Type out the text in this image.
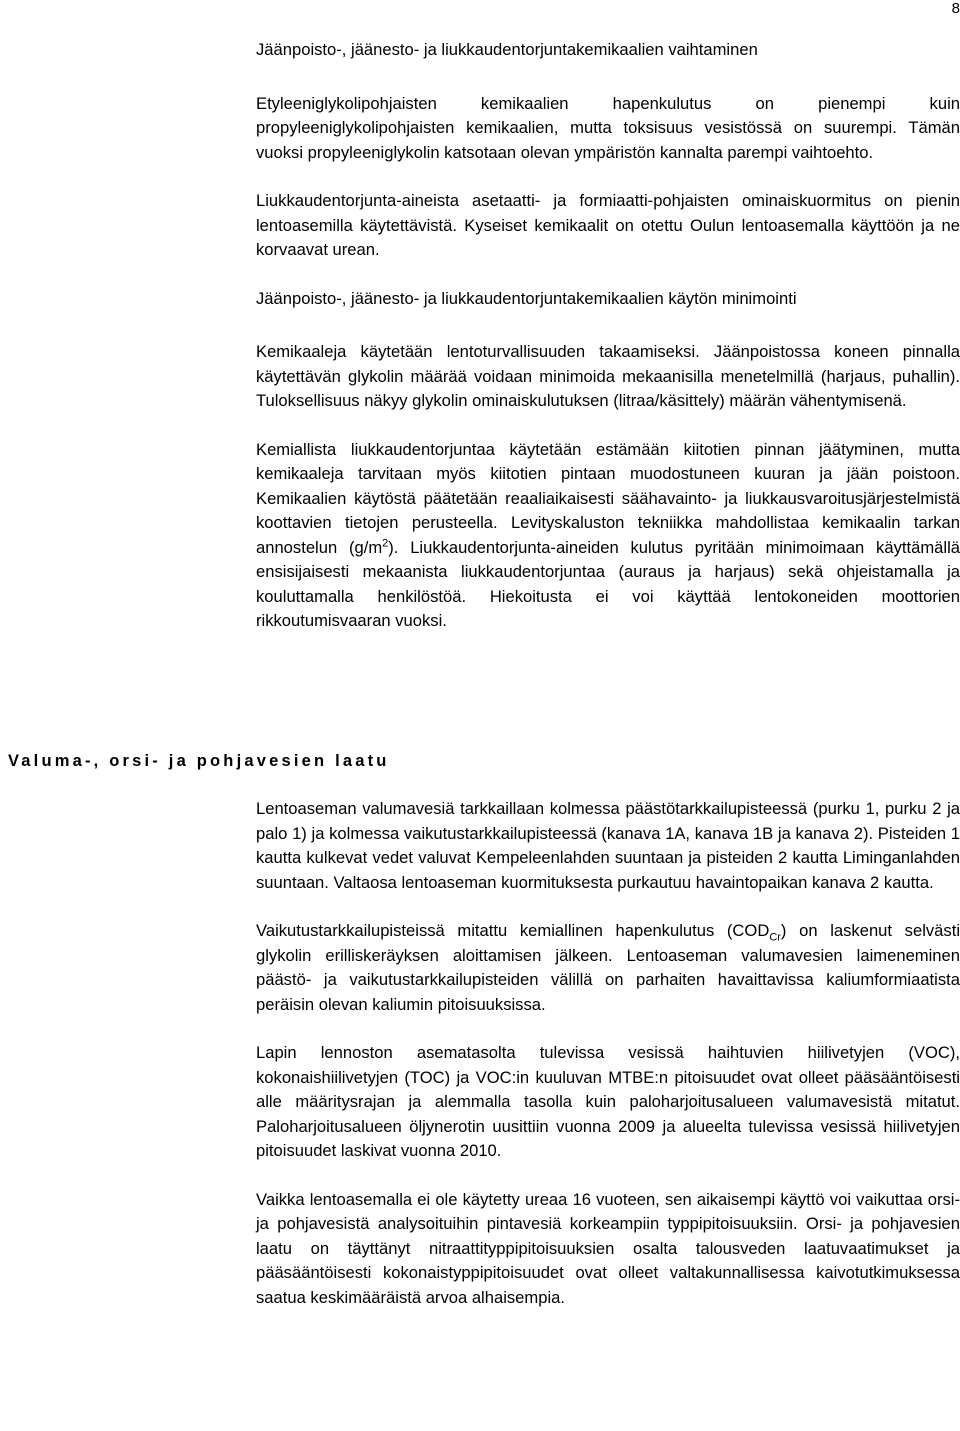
8

Jäänpoisto-, jäänesto- ja liukkaudentorjuntakemikaalien vaihtaminen

Etyleeniglykolipohjaisten kemikaalien hapenkulutus on pienempi kuin propyleeniglykolipohjaisten kemikaalien, mutta toksisuus vesistössä on suurempi. Tämän vuoksi propyleeniglykolin katsotaan olevan ympäristön kannalta parempi vaihtoehto.

Liukkaudentorjunta-aineista asetaatti- ja formiaatti-pohjaisten ominaiskuormitus on pienin lentoasemilla käytettävistä. Kyseiset kemikaalit on otettu Oulun lentoasemalla käyttöön ja ne korvaavat urean.

Jäänpoisto-, jäänesto- ja liukkaudentorjuntakemikaalien käytön minimointi

Kemikaaleja käytetään lentoturvallisuuden takaamiseksi. Jäänpoistossa koneen pinnalla käytettävän glykolin määrää voidaan minimoida mekaanisilla menetelmillä (harjaus, puhallin). Tuloksellisuus näkyy glykolin ominaiskulutuksen (litraa/käsittely) määrän vähentymisenä.

Kemiallista liukkaudentorjuntaa käytetään estämään kiitotien pinnan jäätyminen, mutta kemikaaleja tarvitaan myös kiitotien pintaan muodostuneen kuuran ja jään poistoon. Kemikaalien käytöstä päätetään reaaliaikaisesti säähavainto- ja liukkausvaroitusjärjestelmistä koottavien tietojen perusteella. Levityskaluston tekniikka mahdollistaa kemikaalin tarkan annostelun $(g/m^2)$. Liukkaudentorjunta-aineiden kulutus pyritään minimoimaan käyttämällä ensisijaisesti mekaanista liukkaudentorjuntaa (auraus ja harjaus) sekä ohjeistamalla ja kouluttamalla henkilöstöä. Hiekoitusta ei voi käyttää lentokoneiden moottorien rikkoutumisvaaran vuoksi.

Valuma-, orsi- ja pohjavesien laatu

Lentoaseman valumavesiä tarkkaillaan kolmessa päästötarkkailupisteessä (purku 1, purku 2 ja palo 1) ja kolmessa vaikutustarkkailupisteessä (kanava 1A, kanava 1B ja kanava 2). Pisteiden 1 kautta kulkevat vedet valuvat Kempeleenlahden suuntaan ja pisteiden 2 kautta Liminganlahden suuntaan. Valtaosa lentoaseman kuormituksesta purkautuu havaintopaikan kanava 2 kautta.

Vaikutustarkkailupisteissä mitattu kemiallinen hapenkulutus $(COD_{Cr})$ on laskenut selvästi glykolin erilliskeräyksen aloittamisen jälkeen. Lentoaseman valumavesien laimeneminen päästö- ja vaikutustarkkailupisteiden välillä on parhaiten havaittavissa kaliumformiaatista peräisin olevan kaliumin pitoisuuksissa.

Lapin lennoston asematasolta tulevissa vesissä haihtuvien hiilivetyjen (VOC), kokonaishiilivetyjen (TOC) ja VOC:in kuuluvan MTBE:n pitoisuudet ovat olleet pääsääntöisesti alle määritysrajan ja alemmalla tasolla kuin paloharjoitusalueen valumavesistä mitatut. Paloharjoitusalueen öljynerotin uusittiin vuonna 2009 ja alueelta tulevissa vesissä hiilivetyjen pitoisuudet laskivat vuonna 2010.

Vaikka lentoasemalla ei ole käytetty ureaa 16 vuoteen, sen aikaisempi käyttö voi vaikuttaa orsi- ja pohjavesistä analysoituihin pintavesiä korkeampiin typpipitoisuuksiin. Orsi- ja pohjavesien laatu on täyttänyt nitraattityppipitoisuuksien osalta talousveden laatuvaatimukset ja pääsääntöisesti kokonaistyppipitoisuudet ovat olleet valtakunnallisessa kaivotutkimuksessa saatua keskimääräistä arvoa alhaisempia.
